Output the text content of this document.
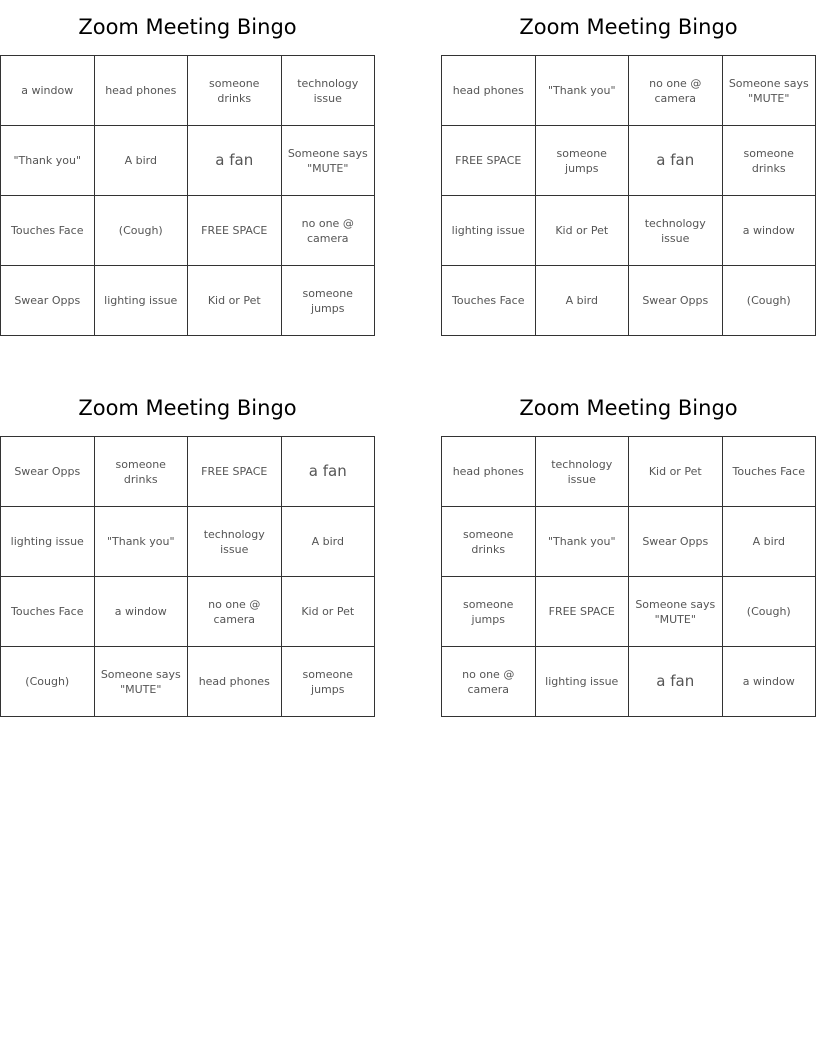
Zoom Meeting Bingo
a window	head phones	someone drinks	technology issue
"Thank you"	A bird	a fan	Someone says "MUTE"
Touches Face	(Cough)	FREE SPACE	no one @ camera
Swear Opps	lighting issue	Kid or Pet	someone jumps
Zoom Meeting Bingo
head phones	"Thank you"	no one @ camera	Someone says "MUTE"
FREE SPACE	someone jumps	a fan	someone drinks
lighting issue	Kid or Pet	technology issue	a window
Touches Face	A bird	Swear Opps	(Cough)
Zoom Meeting Bingo
Swear Opps	someone drinks	FREE SPACE	a fan
lighting issue	"Thank you"	technology issue	A bird
Touches Face	a window	no one @ camera	Kid or Pet
(Cough)	Someone says "MUTE"	head phones	someone jumps
Zoom Meeting Bingo
head phones	technology issue	Kid or Pet	Touches Face
someone drinks	"Thank you"	Swear Opps	A bird
someone jumps	FREE SPACE	Someone says "MUTE"	(Cough)
no one @ camera	lighting issue	a fan	a window
